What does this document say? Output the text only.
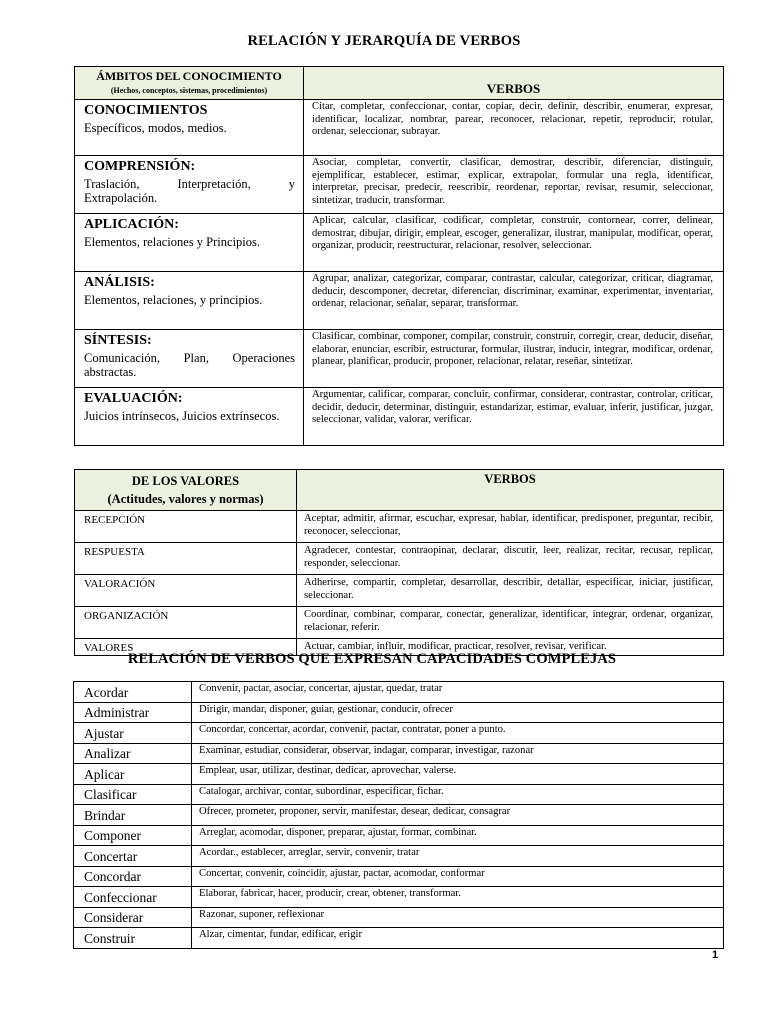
RELACIÓN Y JERARQUÍA DE VERBOS
ÁMBITOS DEL CONOCIMIENTO
(Hechos, conceptos, sistemas, procedimientos)	VERBOS

CONOCIMIENTOS
Específicos, modos, medios.	Citar, completar, confeccionar, contar, copiar, decir, definir, describir, enumerar, expresar, identificar, localizar, nombrar, parear, reconocer, relacionar, repetir, reproducir, rotular, ordenar, seleccionar, subrayar.

COMPRENSIÓN:
Traslación, Interpretación, y Extrapolación.	Asociar, completar, convertir, clasificar, demostrar, describir, diferenciar, distinguir, ejemplificar, establecer, estimar, explicar, extrapolar, formular una regla, identificar, interpretar, precisar, predecir, reescribir, reordenar, reportar, revisar, resumir, seleccionar, sintetizar, traducir, transformar.

APLICACIÓN:
Elementos, relaciones y Principios.	Aplicar, calcular, clasificar, codificar, completar, construir, contornear, correr, delinear, demostrar, dibujar, dirigir, emplear, escoger, generalizar, ilustrar, manipular, modificar, operar, organizar, producir, reestructurar, relacionar, resolver, seleccionar.

ANÁLISIS:
Elementos, relaciones, y principios.	Agrupar, analizar, categorizar, comparar, contrastar, calcular, categorizar, criticar, diagramar, deducir, descomponer, decretar, diferenciar, discriminar, examinar, experimentar, inventariar, ordenar, relacionar, señalar, separar, transformar.

SÍNTESIS:
Comunicación, Plan, Operaciones abstractas.	Clasificar, combinar, componer, compilar, construir, construir, corregir, crear, deducir, diseñar, elaborar, enunciar, escribir, estructurar, formular, ilustrar, inducir, integrar, modificar, ordenar, planear, planificar, producir, proponer, relacionar, relatar, reseñar, sintetizar.

EVALUACIÓN:
Juicios intrínsecos, Juicios extrínsecos.	Argumentar, calificar, comparar, concluir, confirmar, considerar, contrastar, controlar, criticar, decidir, deducir, determinar, distinguir, estandarizar, estimar, evaluar, inferir, justificar, juzgar, seleccionar, validar, valorar, verificar.
DE LOS VALORES
(Actitudes, valores y normas)	VERBOS
RECEPCIÓN	Aceptar, admitir, afirmar, escuchar, expresar, hablar, identificar, predisponer, preguntar, recibir, reconocer, seleccionar,
RESPUESTA	Agradecer, contestar, contraopinar, declarar, discutir, leer, realizar, recitar, recusar, replicar, responder, seleccionar.
VALORACIÓN	Adherirse, compartir, completar, desarrollar, describir, detallar, especificar, iniciar, justificar, seleccionar.
ORGANIZACIÓN	Coordinar, combinar, comparar, conectar, generalizar, identificar, integrar, ordenar, organizar, relacionar, referir.
VALORES	Actuar, cambiar, influir, modificar, practicar, resolver, revisar, verificar.
RELACIÓN DE VERBOS QUE EXPRESAN CAPACIDADES COMPLEJAS
Acordar	Convenir, pactar, asociar, concertar, ajustar, quedar, tratar
Administrar	Dirigir, mandar, disponer, guiar, gestionar, conducir, ofrecer
Ajustar	Concordar, concertar, acordar, convenir, pactar, contratar, poner a punto.
Analizar	Examinar, estudiar, considerar, observar, indagar, comparar, investigar, razonar
Aplicar	Emplear, usar, utilizar, destinar, dedicar, aprovechar, valerse.
Clasificar	Catalogar, archivar, contar, subordinar, especificar, fichar.
Brindar	Ofrecer, prometer, proponer, servir, manifestar, desear, dedicar, consagrar
Componer	Arreglar, acomodar, disponer, preparar, ajustar, formar, combinar.
Concertar	Acordar., establecer, arreglar, servir, convenir, tratar
Concordar	Concertar, convenir, coincidir, ajustar, pactar, acomodar, conformar
Confeccionar	Elaborar, fabricar, hacer, producir, crear, obtener, transformar.
Considerar	Razonar, suponer, reflexionar
Construir	Alzar, cimentar, fundar, edificar, erigir
1
